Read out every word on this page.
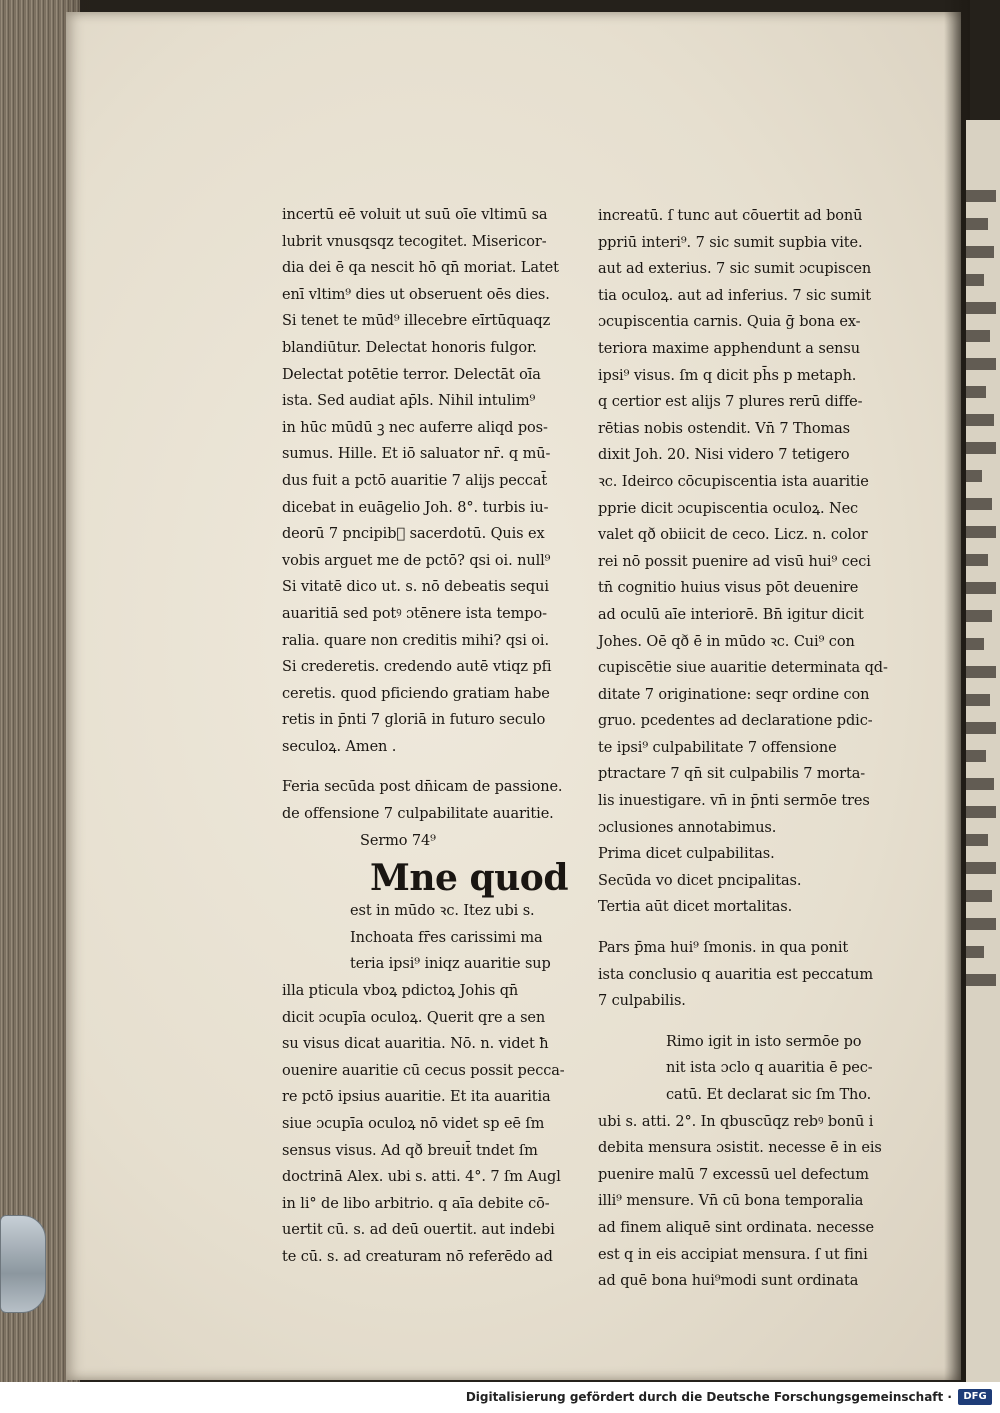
incertū eē voluit ut suū oīe vltimū sa
lubrit vnusqsqz tecogitet. Misericor-
dia dei ē qa nescit hō qn̄ moriat. Latet
enī vltim⁹ dies ut obseruent oēs dies.
Si tenet te mūd⁹ illecebre eīrtūquaqz
blandiūtur. Delectat honoris fulgor.
Delectat potētie terror. Delectāt oīa
ista. Sed audiat ap̄ls. Nihil intulim⁹
in hūc mūdū ꝫ nec auferre aliqd pos-
sumus. Hille. Et iō saluator nr̄. q mū-
dus fuit a pctō auaritie 7 alijs peccat̄
dicebat in euāgelio Joh. 8°. turbis iu-
deorū 7 pncipib᷑ sacerdotū. Quis ex
vobis arguet me de pctō? qsi oi. null⁹
Si vitatē dico ut. s. nō debeatis sequi
auaritiā sed potꝰ ɔtēnere ista tempo-
ralia. quare non creditis mihi? qsi oi.
Si crederetis. credendo autē vtiqz pfi
ceretis. quod pficiendo gratiam habe
retis in p̄nti 7 gloriā in futuro seculo
seculoꝝ. Amen .
Feria secūda post dn̄icam de passione.
de offensione 7 culpabilitate auaritie.
Sermo 74⁹
Mne quod
est in mūdo ꝛc. Itez ubi s.
Inchoata fr̄es carissimi ma
teria ipsi⁹ iniqz auaritie sup
illa pticula vboꝝ pdictoꝝ Johis qn̄
dicit ɔcupīa oculoꝝ. Querit qre a sen
su visus dicat auaritia. Nō. n. videt ħ
ouenire auaritie cū cecus possit pecca-
re pctō ipsius auaritie. Et ita auaritia
siue ɔcupīa oculoꝝ nō videt sp eē ſm
sensus visus. Ad qð breuit̄ tndet ſm
doctrinā Alex. ubi s. atti. 4°. 7 ſm Augl
in li° de libo arbitrio. q aīa debite cō-
uertit cū. s. ad deū ouertit. aut indebi
te cū. s. ad creaturam nō referēdo ad
increatū. ſ tunc aut cōuertit ad bonū
ppriū interi⁹. 7 sic sumit supbia vite.
aut ad exterius. 7 sic sumit ɔcupiscen
tia oculoꝝ. aut ad inferius. 7 sic sumit
ɔcupiscentia carnis. Quia ḡ bona ex-
teriora maxime apphendunt a sensu
ipsi⁹ visus. ſm q dicit ph̄s p metaph.
q certior est alijs 7 plures rerū diffe-
rētias nobis ostendit. Vn̄ 7 Thomas
dixit Joh. 20. Nisi videro 7 tetigero
ꝛc. Ideirco cōcupiscentia ista auaritie
pprie dicit ɔcupiscentia oculoꝝ. Nec
valet qð obiicit de ceco. Licz. n. color
rei nō possit puenire ad visū hui⁹ ceci
tn̄ cognitio huius visus pōt deuenire
ad oculū aīe interiorē. Bn̄ igitur dicit
Johes. Oē qð ē in mūdo ꝛc. Cui⁹ con
cupiscētie siue auaritie determinata qd-
ditate 7 originatione: seqr ordine con
gruo. pcedentes ad declaratione pdic-
te ipsi⁹ culpabilitate 7 offensione
ptractare 7 qn̄ sit culpabilis 7 morta-
lis inuestigare. vn̄ in p̄nti sermōe tres
ɔclusiones annotabimus.
Prima dicet culpabilitas.
Secūda vo dicet pncipalitas.
Tertia aūt dicet mortalitas.
Pars p̄ma hui⁹ ſmonis. in qua ponit
ista conclusio q auaritia est peccatum
7 culpabilis.
Rimo igit in isto sermōe po
nit ista ɔclo q auaritia ē pec-
catū. Et declarat sic ſm Tho.
ubi s. atti. 2°. In qbuscūqz rebꝰ bonū i
debita mensura ɔsistit. necesse ē in eis
puenire malū 7 excessū uel defectum
illi⁹ mensure. Vn̄ cū bona temporalia
ad finem aliquē sint ordinata. necesse
est q in eis accipiat mensura. ſ ut fini
ad quē bona hui⁹modi sunt ordinata
Digitalisierung gefördert durch die Deutsche Forschungsgemeinschaft ·	DFG
